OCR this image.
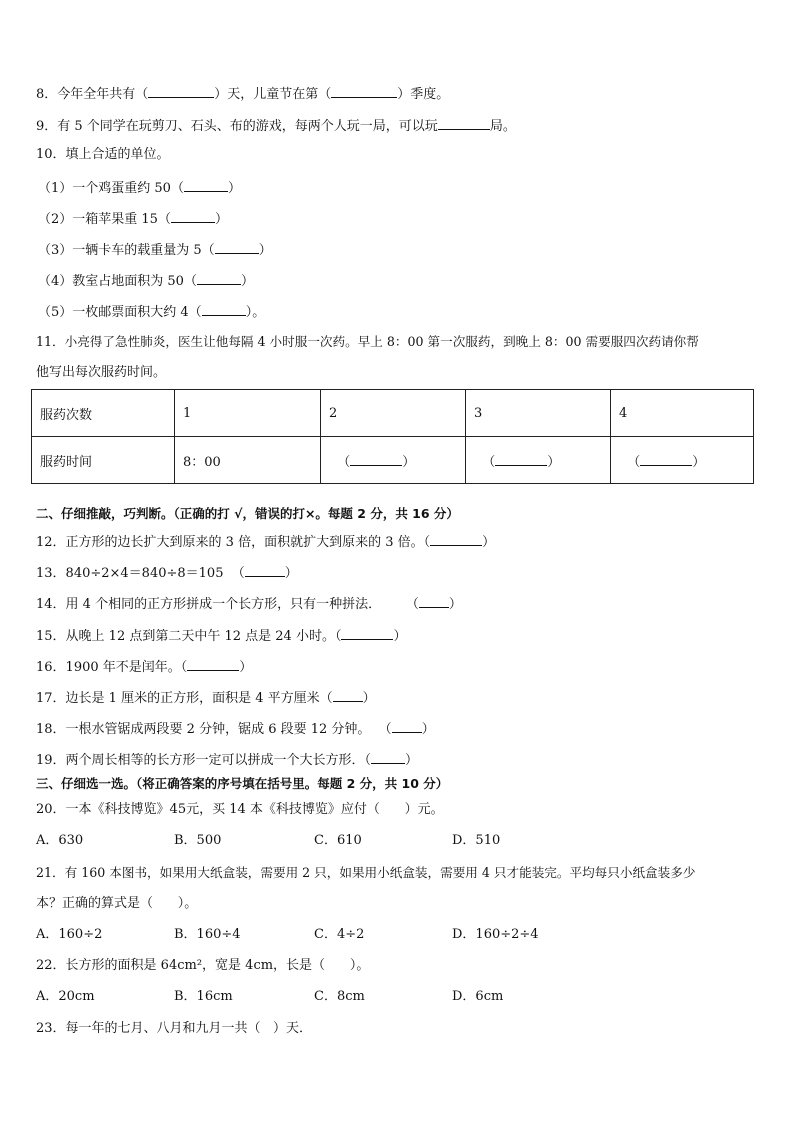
8．今年全年共有（	）天，儿童节在第（	）季度。
9．有 5 个同学在玩剪刀、石头、布的游戏，每两个人玩一局，可以玩	局。
10．填上合适的单位。
（1）一个鸡蛋重约 50（	）
（2）一箱苹果重 15（	）
（3）一辆卡车的载重量为 5（	）
（4）教室占地面积为 50（	）
（5）一枚邮票面积大约 4（	）。
11．小亮得了急性肺炎，医生让他每隔 4 小时服一次药。早上 8：00 第一次服药，到晚上 8：00 需要服四次药请你帮
他写出每次服药时间。
服药次数	1	2	3	4
服药时间	8：00	（ ）	（ ）	（ ）
二、仔细推敲，巧判断。（正确的打 √，错误的打×。每题 2 分，共 16 分）
12．正方形的边长扩大到原来的 3 倍，面积就扩大到原来的 3 倍。（	）
13．840÷2×4＝840÷8＝105  （	）
14．用 4 个相同的正方形拼成一个长方形，只有一种拼法．      （ ）
15．从晚上 12 点到第二天中午 12 点是 24 小时。（	）
16．1900 年不是闰年。（	）
17．边长是 1 厘米的正方形，面积是 4 平方厘米（ ）
18．一根水管锯成两段要 2 分钟，锯成 6 段要 12 分钟。  （ ）
19．两个周长相等的长方形一定可以拼成一个大长方形．（	）
三、仔细选一选。（将正确答案的序号填在括号里。每题 2 分，共 10 分）
20．一本《科技博览》45元，买 14 本《科技博览》应付（      ）元。
A．630	B．500	C．610	D．510
21．有 160 本图书，如果用大纸盒装，需要用 2 只，如果用小纸盒装，需要用 4 只才能装完。平均每只小纸盒装多少
本？正确的算式是（      ）。
A．160÷2	B．160÷4	C．4÷2	D．160÷2÷4
22．长方形的面积是 64cm²，宽是 4cm，长是（      ）。
A．20cm	B．16cm	C．8cm	D．6cm
23．每一年的七月、八月和九月一共（   ）天．
